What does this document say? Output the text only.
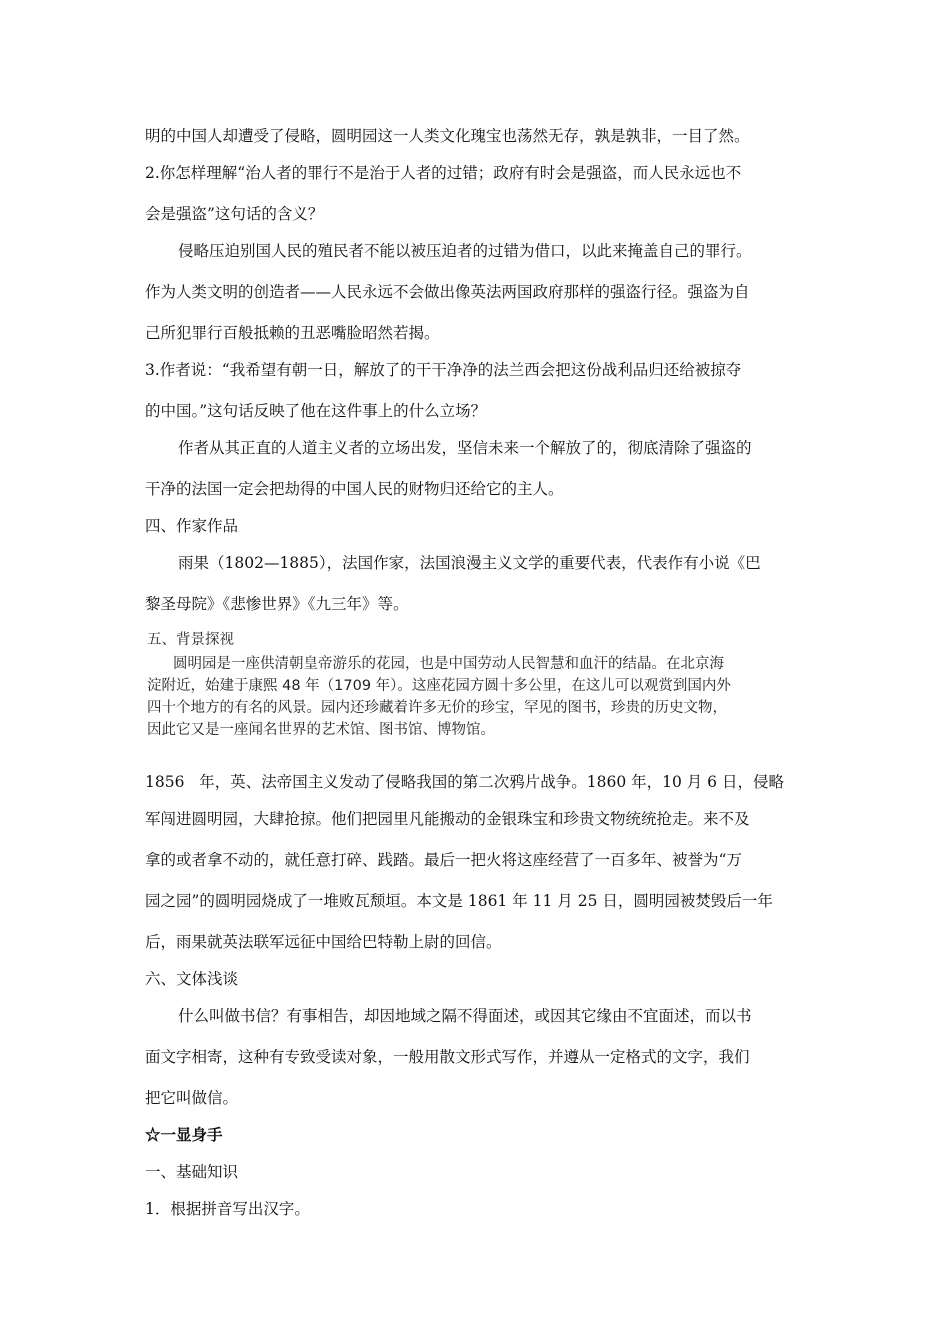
明的中国人却遭受了侵略，圆明园这一人类文化瑰宝也荡然无存，孰是孰非，一目了然。
2.你怎样理解“治人者的罪行不是治于人者的过错；政府有时会是强盗，而人民永远也不
会是强盗”这句话的含义？
侵略压迫别国人民的殖民者不能以被压迫者的过错为借口，以此来掩盖自己的罪行。
作为人类文明的创造者——人民永远不会做出像英法两国政府那样的强盗行径。强盗为自
己所犯罪行百般抵赖的丑恶嘴脸昭然若揭。
3.作者说：“我希望有朝一日，解放了的干干净净的法兰西会把这份战利品归还给被掠夺
的中国。”这句话反映了他在这件事上的什么立场？
作者从其正直的人道主义者的立场出发，坚信未来一个解放了的，彻底清除了强盗的
干净的法国一定会把劫得的中国人民的财物归还给它的主人。
四、作家作品
雨果（1802—1885），法国作家，法国浪漫主义文学的重要代表，代表作有小说《巴
黎圣母院》《悲惨世界》《九三年》等。
五、背景探视
圆明园是一座供清朝皇帝游乐的花园，也是中国劳动人民智慧和血汗的结晶。在北京海
淀附近，始建于康熙 48 年（1709 年）。这座花园方圆十多公里，在这儿可以观赏到国内外
四十个地方的有名的风景。园内还珍藏着许多无价的珍宝，罕见的图书，珍贵的历史文物，
因此它又是一座闻名世界的艺术馆、图书馆、博物馆。
1856   年，英、法帝国主义发动了侵略我国的第二次鸦片战争。1860 年，10 月 6 日，侵略
军闯进圆明园，大肆抢掠。他们把园里凡能搬动的金银珠宝和珍贵文物统统抢走。来不及
拿的或者拿不动的，就任意打碎、践踏。最后一把火将这座经营了一百多年、被誉为“万
园之园”的圆明园烧成了一堆败瓦颓垣。本文是 1861 年 11 月 25 日，圆明园被焚毁后一年
后，雨果就英法联军远征中国给巴特勒上尉的回信。
六、文体浅谈
什么叫做书信？有事相告，却因地域之隔不得面述，或因其它缘由不宜面述，而以书
面文字相寄，这种有专致受读对象，一般用散文形式写作，并遵从一定格式的文字，我们
把它叫做信。
☆一显身手
一、基础知识
1．根据拼音写出汉字。
